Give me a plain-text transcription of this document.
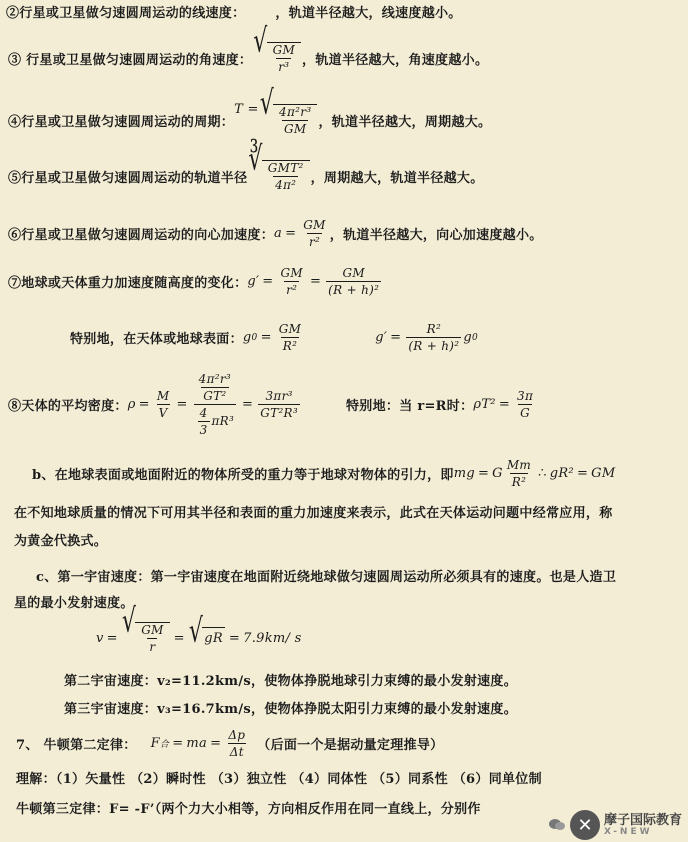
②行星或卫星做匀速圆周运动的线速度： ，轨道半径越大，线速度越小。
③ 行星或卫星做匀速圆周运动的角速度： √ $\frac{GM}{\text{r³}}$ ，轨道半径越大，角速度越小。
④行星或卫星做匀速圆周运动的周期：
T = √ $\frac{\text{4π²r³}}{GM}$ ，轨道半径越大，周期越大。
⑤行星或卫星做匀速圆周运动的轨道半径 ∛ $\frac{\text{GMT²}}{\text{4π²}}$ ，周期越大，轨道半径越大。
⑥行星或卫星做匀速圆周运动的向心加速度： $a = \frac{GM}{\text{r²}}$ ，轨道半径越大，向心加速度越小。
⑦地球或天体重力加速度随高度的变化： $g' = \frac{GM}{\text{r²}} = \frac{GM}{\text{(R + h)²}}$
特别地，在天体或地球表面： g $0 = \frac{GM}{\text{R²}}$	$g' = \frac{\text{R²}}{\text{(R + h)²}}$ g 0
⑧天体的平均密度： $\rho = \frac{M}{V} = \frac{\frac{\text{4π²r³}}{\text{GT²}}}{\frac{4}{3} \pi R^3} = \frac{\text{3πr³}}{\text{GT²R³}}$	特别地：当 r=R时： $\rho T^2 = \frac{3\pi}{G}$
b、在地球表面或地面附近的物体所受的重力等于地球对物体的引力，即 mg = G $\frac{Mm}{\text{R²}}$ ∴ gR² = GM
在不知地球质量的情况下可用其半径和表面的重力加速度来表示，此式在天体运动问题中经常应用，称
为黄金代换式。
c、第一宇宙速度：第一宇宙速度在地面附近绕地球做匀速圆周运动所必须具有的速度。也是人造卫
星的最小发射速度。
v = √ $\frac{GM}{r}$ = √ gR = 7.9km/ s
第二宇宙速度：v₂=11.2km/s，使物体挣脱地球引力束缚的最小发射速度。
第三宇宙速度：v₃=16.7km/s，使物体挣脱太阳引力束缚的最小发射速度。
7、 牛顿第二定律： F 合 = ma = $\frac{\Delta p}{\Delta t}$ （后面一个是据动量定理推导）
理解：（1）矢量性 （2）瞬时性 （3）独立性 （4）同体性 （5）同系性 （6）同单位制
牛顿第三定律：F= -F’（两个力大小相等，方向相反作用在同一直线上，分别作
✕ 摩子国际教育
X-NEW
